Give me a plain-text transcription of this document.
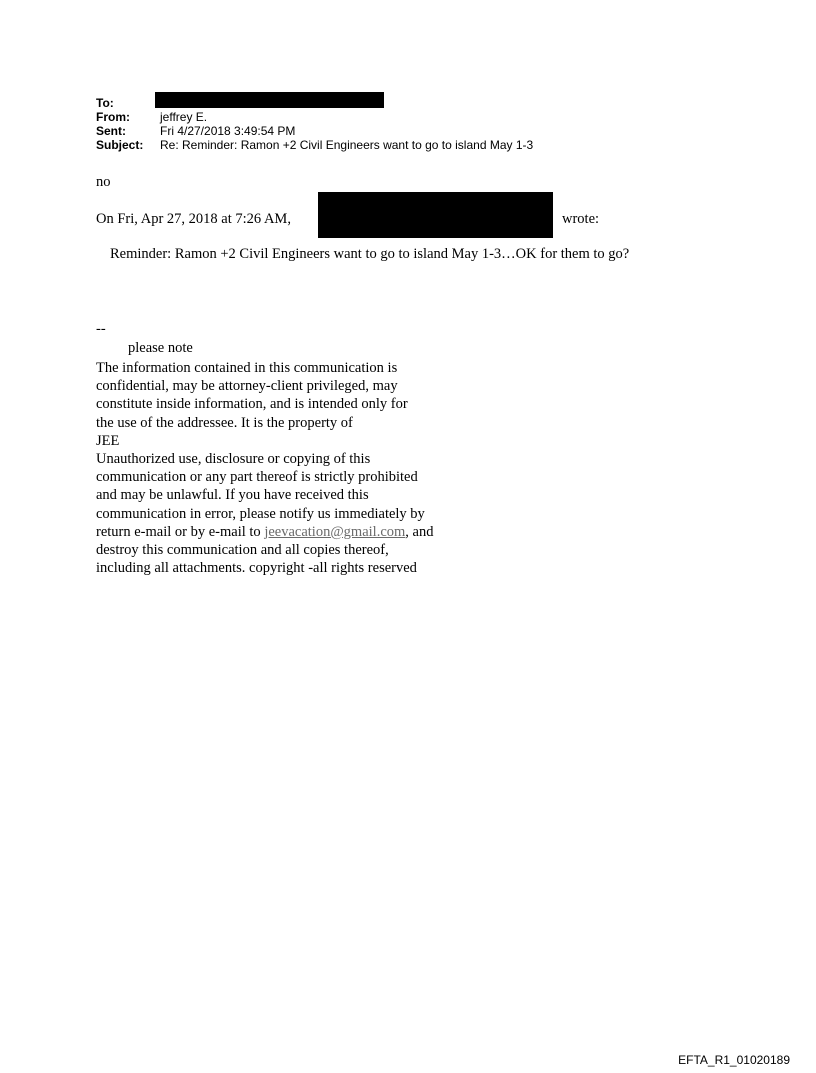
To:
From:	jeffrey E.
Sent:	Fri 4/27/2018 3:49:54 PM
Subject: Re: Reminder: Ramon +2 Civil Engineers want to go to island May 1-3
no
On Fri, Apr 27, 2018 at 7:26 AM,	wrote:
Reminder: Ramon +2 Civil Engineers want to go to island May 1-3…OK for them to go?
--
please note
The information contained in this communication is
confidential, may be attorney-client privileged, may
constitute inside information, and is intended only for
the use of the addressee. It is the property of
JEE
Unauthorized use, disclosure or copying of this
communication or any part thereof is strictly prohibited
and may be unlawful. If you have received this
communication in error, please notify us immediately by
return e-mail or by e-mail to jeevacation@gmail.com, and
destroy this communication and all copies thereof,
including all attachments. copyright -all rights reserved
EFTA_R1_01020189
